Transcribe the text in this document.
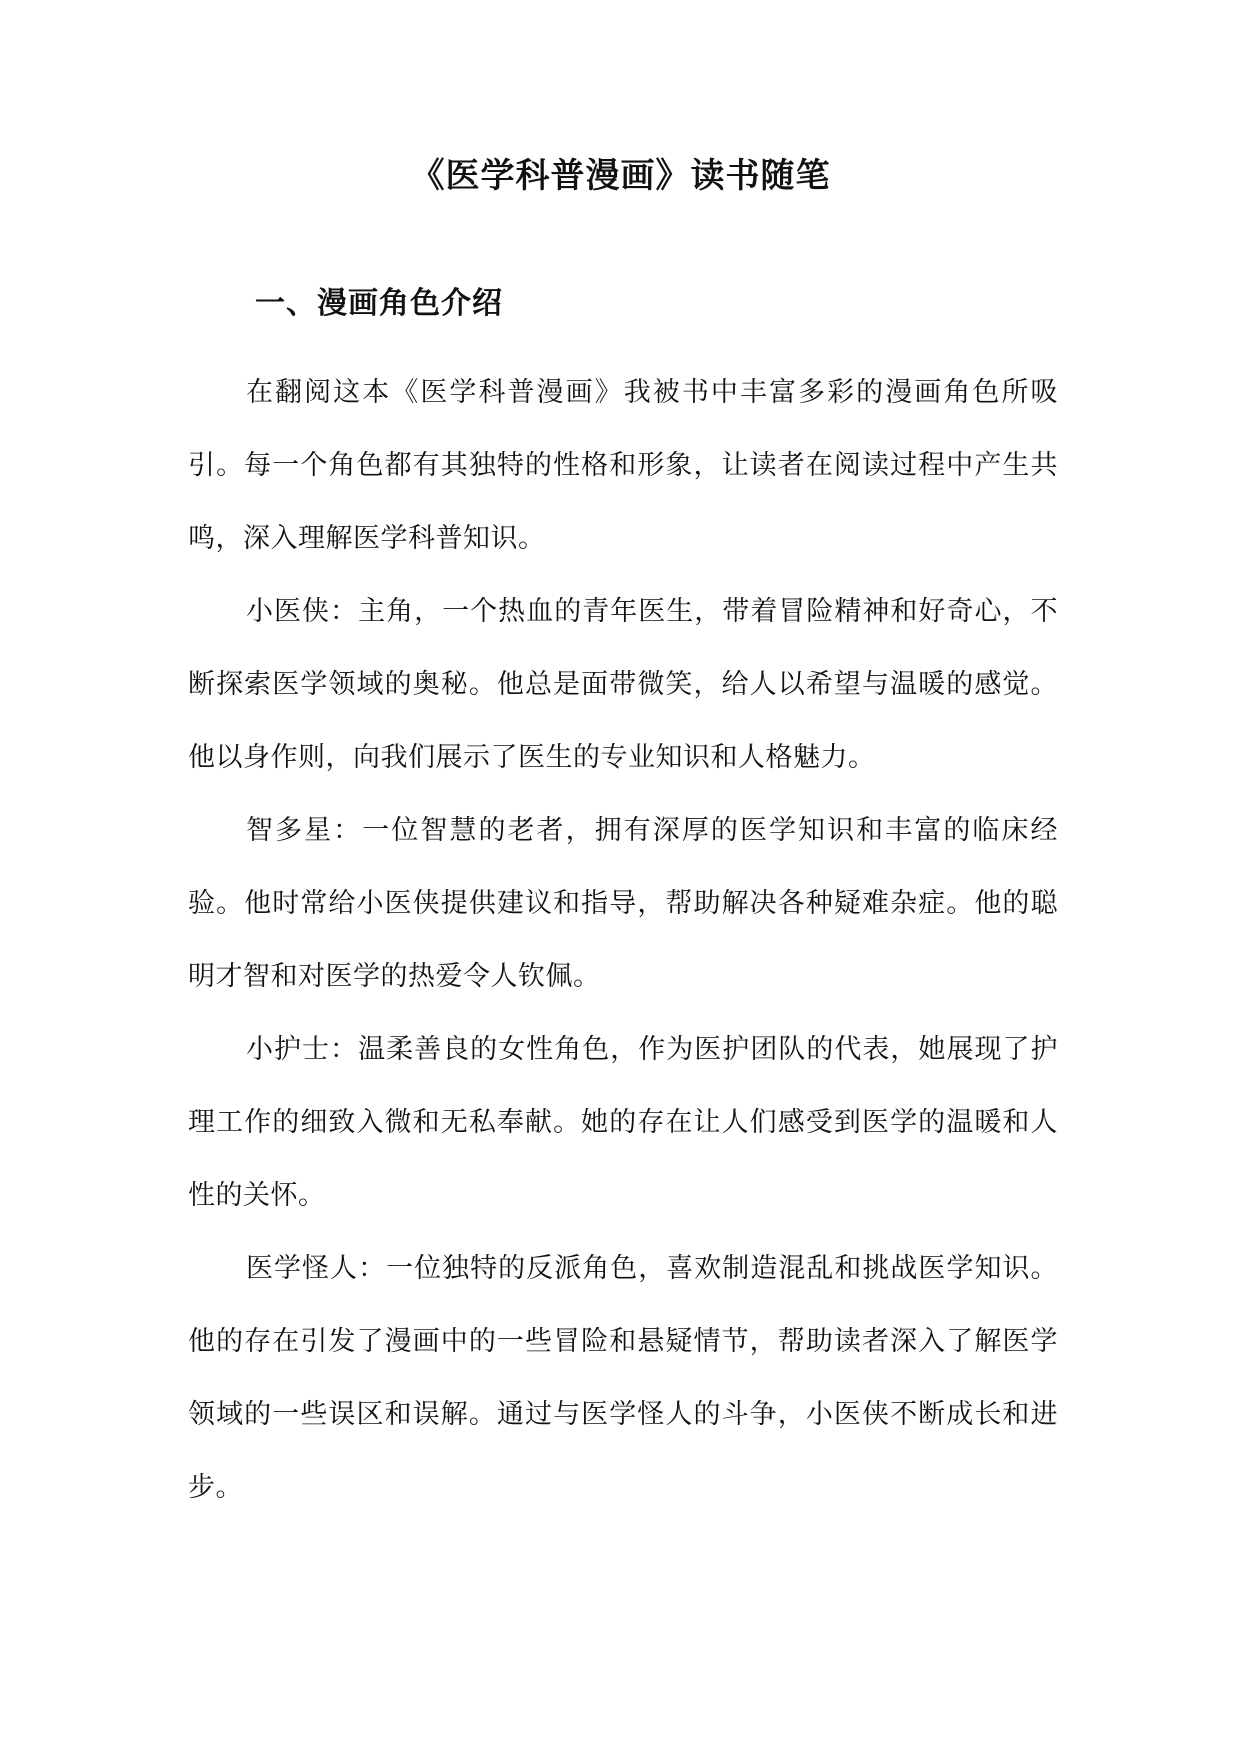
《医学科普漫画》读书随笔
一、漫画角色介绍

在翻阅这本《医学科普漫画》我被书中丰富多彩的漫画角色所吸引。每一个角色都有其独特的性格和形象，让读者在阅读过程中产生共鸣，深入理解医学科普知识。

小医侠：主角，一个热血的青年医生，带着冒险精神和好奇心，不断探索医学领域的奥秘。他总是面带微笑，给人以希望与温暖的感觉。他以身作则，向我们展示了医生的专业知识和人格魅力。

智多星：一位智慧的老者，拥有深厚的医学知识和丰富的临床经验。他时常给小医侠提供建议和指导，帮助解决各种疑难杂症。他的聪明才智和对医学的热爱令人钦佩。

小护士：温柔善良的女性角色，作为医护团队的代表，她展现了护理工作的细致入微和无私奉献。她的存在让人们感受到医学的温暖和人性的关怀。

医学怪人：一位独特的反派角色，喜欢制造混乱和挑战医学知识。他的存在引发了漫画中的一些冒险和悬疑情节，帮助读者深入了解医学领域的一些误区和误解。通过与医学怪人的斗争，小医侠不断成长和进步。
